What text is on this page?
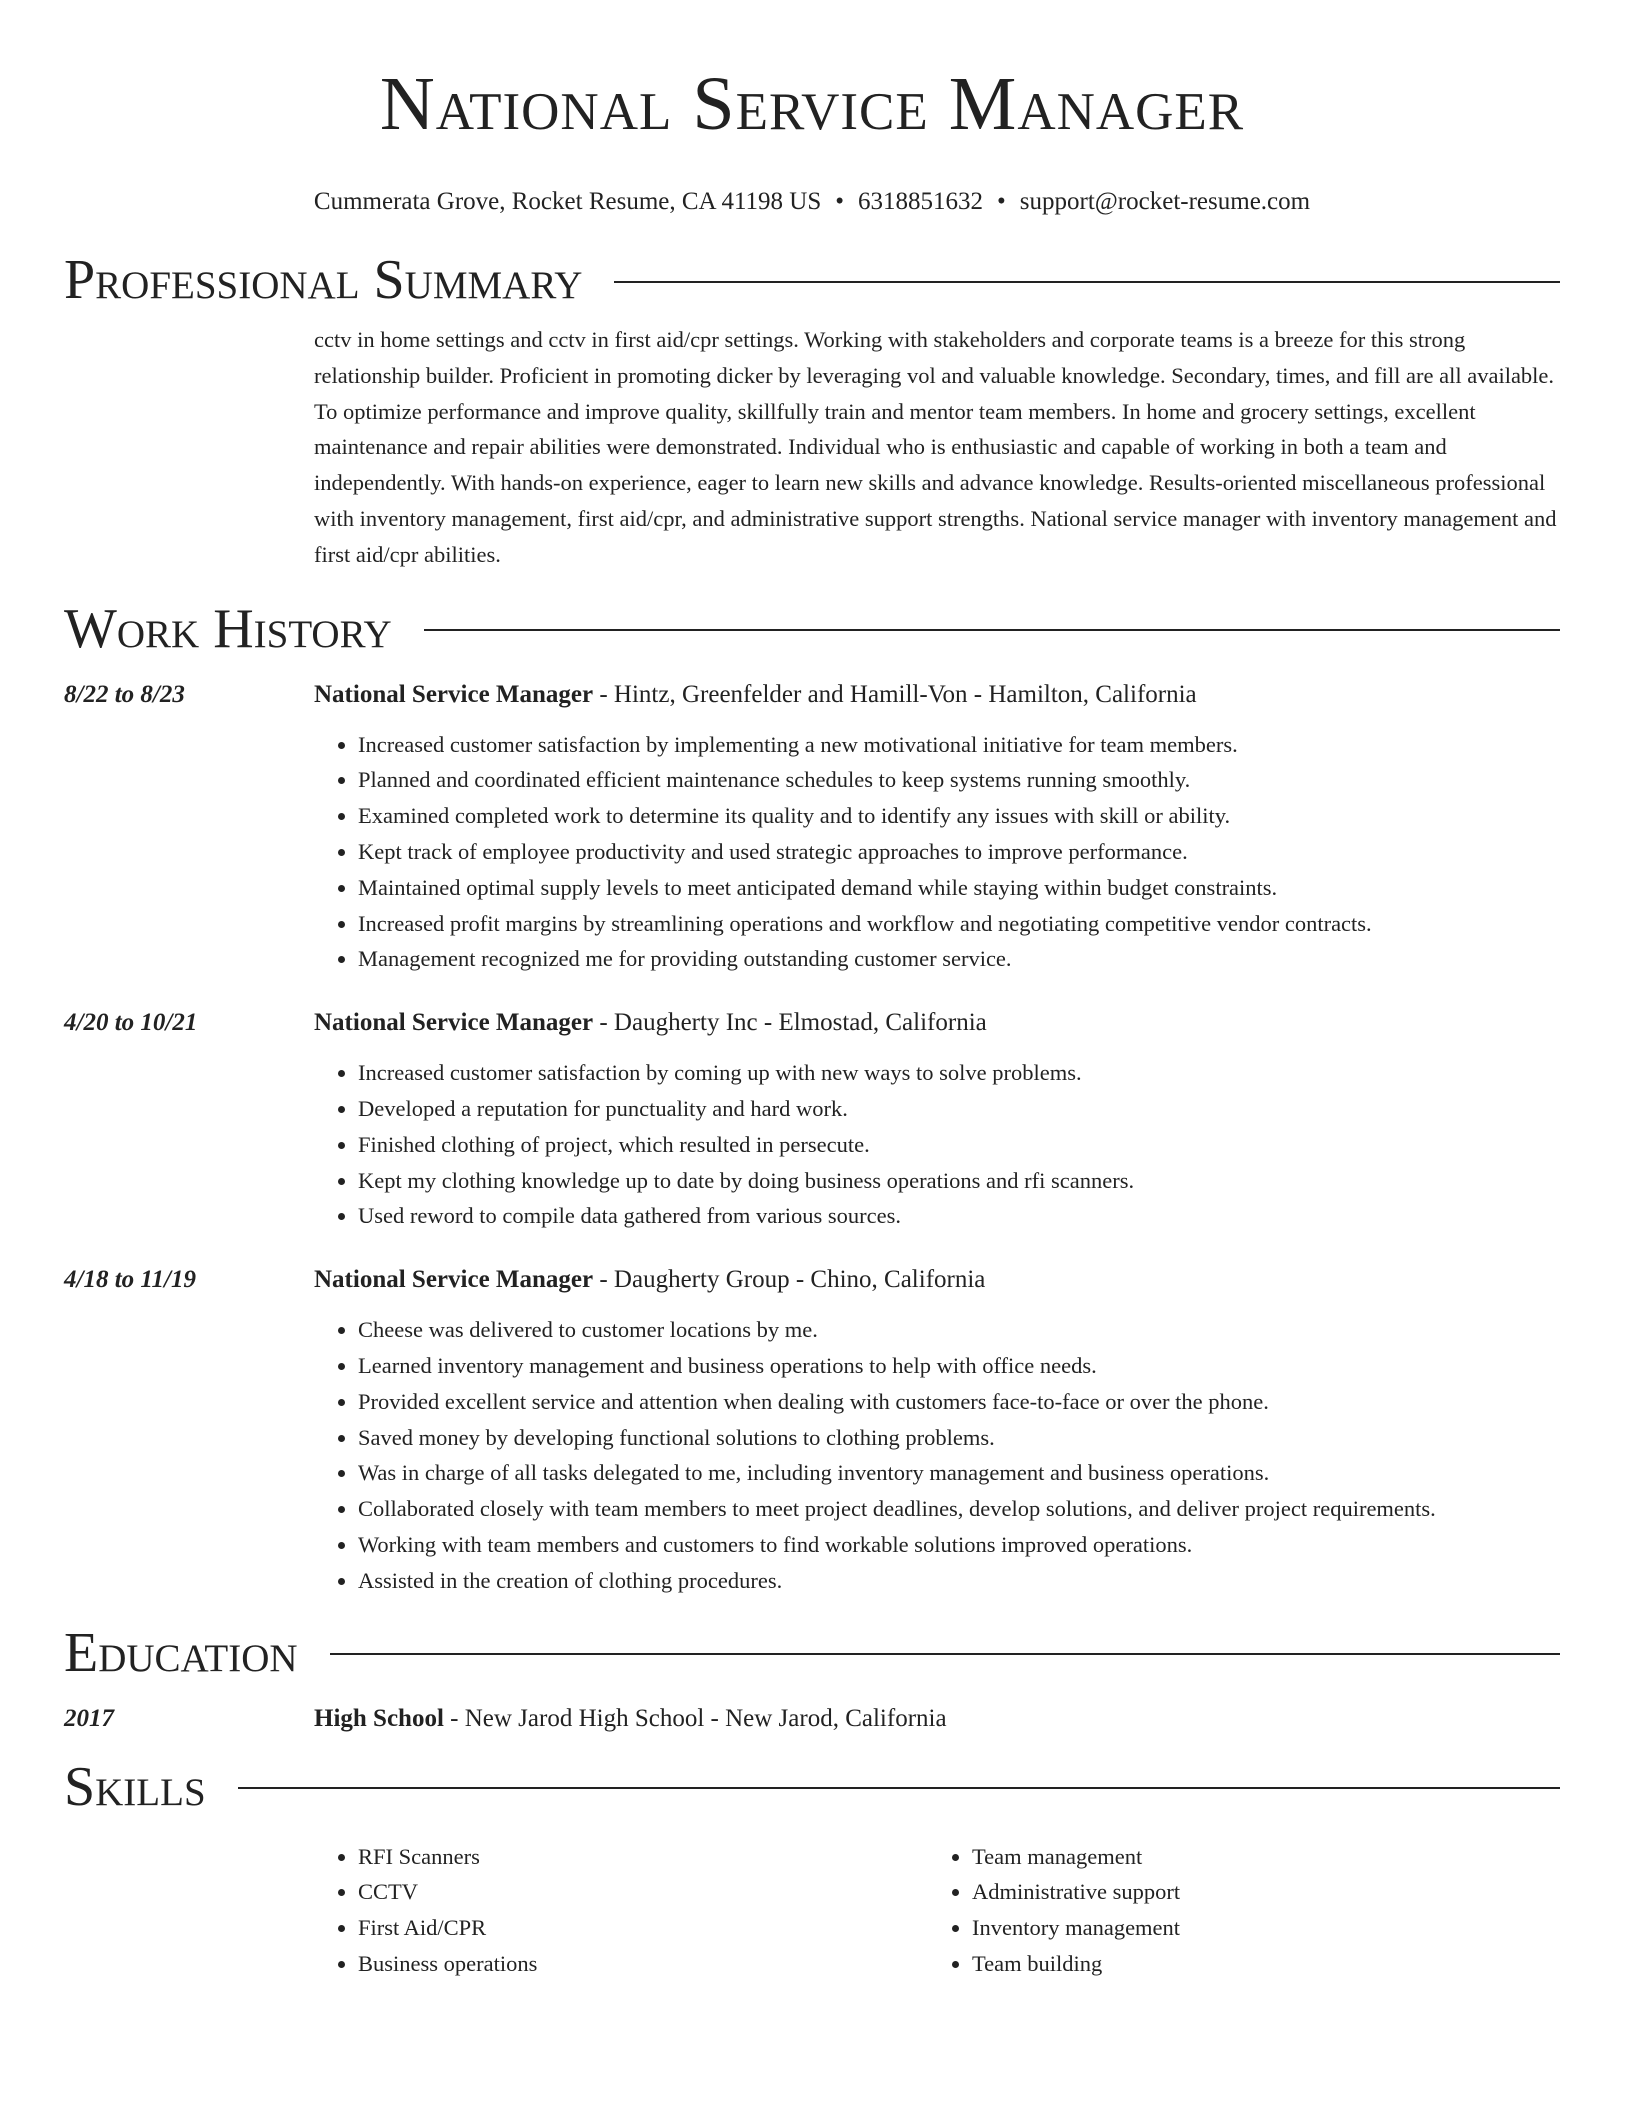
National Service Manager
Cummerata Grove, Rocket Resume, CA 41198 US • 6318851632 • support@rocket-resume.com
Professional Summary
cctv in home settings and cctv in first aid/cpr settings. Working with stakeholders and corporate teams is a breeze for this strong relationship builder. Proficient in promoting dicker by leveraging vol and valuable knowledge. Secondary, times, and fill are all available. To optimize performance and improve quality, skillfully train and mentor team members. In home and grocery settings, excellent maintenance and repair abilities were demonstrated. Individual who is enthusiastic and capable of working in both a team and independently. With hands-on experience, eager to learn new skills and advance knowledge. Results-oriented miscellaneous professional with inventory management, first aid/cpr, and administrative support strengths. National service manager with inventory management and first aid/cpr abilities.
Work History
8/22 to 8/23	National Service Manager - Hintz, Greenfelder and Hamill-Von - Hamilton, California
• Increased customer satisfaction by implementing a new motivational initiative for team members.
• Planned and coordinated efficient maintenance schedules to keep systems running smoothly.
• Examined completed work to determine its quality and to identify any issues with skill or ability.
• Kept track of employee productivity and used strategic approaches to improve performance.
• Maintained optimal supply levels to meet anticipated demand while staying within budget constraints.
• Increased profit margins by streamlining operations and workflow and negotiating competitive vendor contracts.
• Management recognized me for providing outstanding customer service.
4/20 to 10/21	National Service Manager - Daugherty Inc - Elmostad, California
• Increased customer satisfaction by coming up with new ways to solve problems.
• Developed a reputation for punctuality and hard work.
• Finished clothing of project, which resulted in persecute.
• Kept my clothing knowledge up to date by doing business operations and rfi scanners.
• Used reword to compile data gathered from various sources.
4/18 to 11/19	National Service Manager - Daugherty Group - Chino, California
• Cheese was delivered to customer locations by me.
• Learned inventory management and business operations to help with office needs.
• Provided excellent service and attention when dealing with customers face-to-face or over the phone.
• Saved money by developing functional solutions to clothing problems.
• Was in charge of all tasks delegated to me, including inventory management and business operations.
• Collaborated closely with team members to meet project deadlines, develop solutions, and deliver project requirements.
• Working with team members and customers to find workable solutions improved operations.
• Assisted in the creation of clothing procedures.
Education
2017	High School - New Jarod High School - New Jarod, California
Skills
• RFI Scanners
• CCTV
• First Aid/CPR
• Business operations
• Team management
• Administrative support
• Inventory management
• Team building
